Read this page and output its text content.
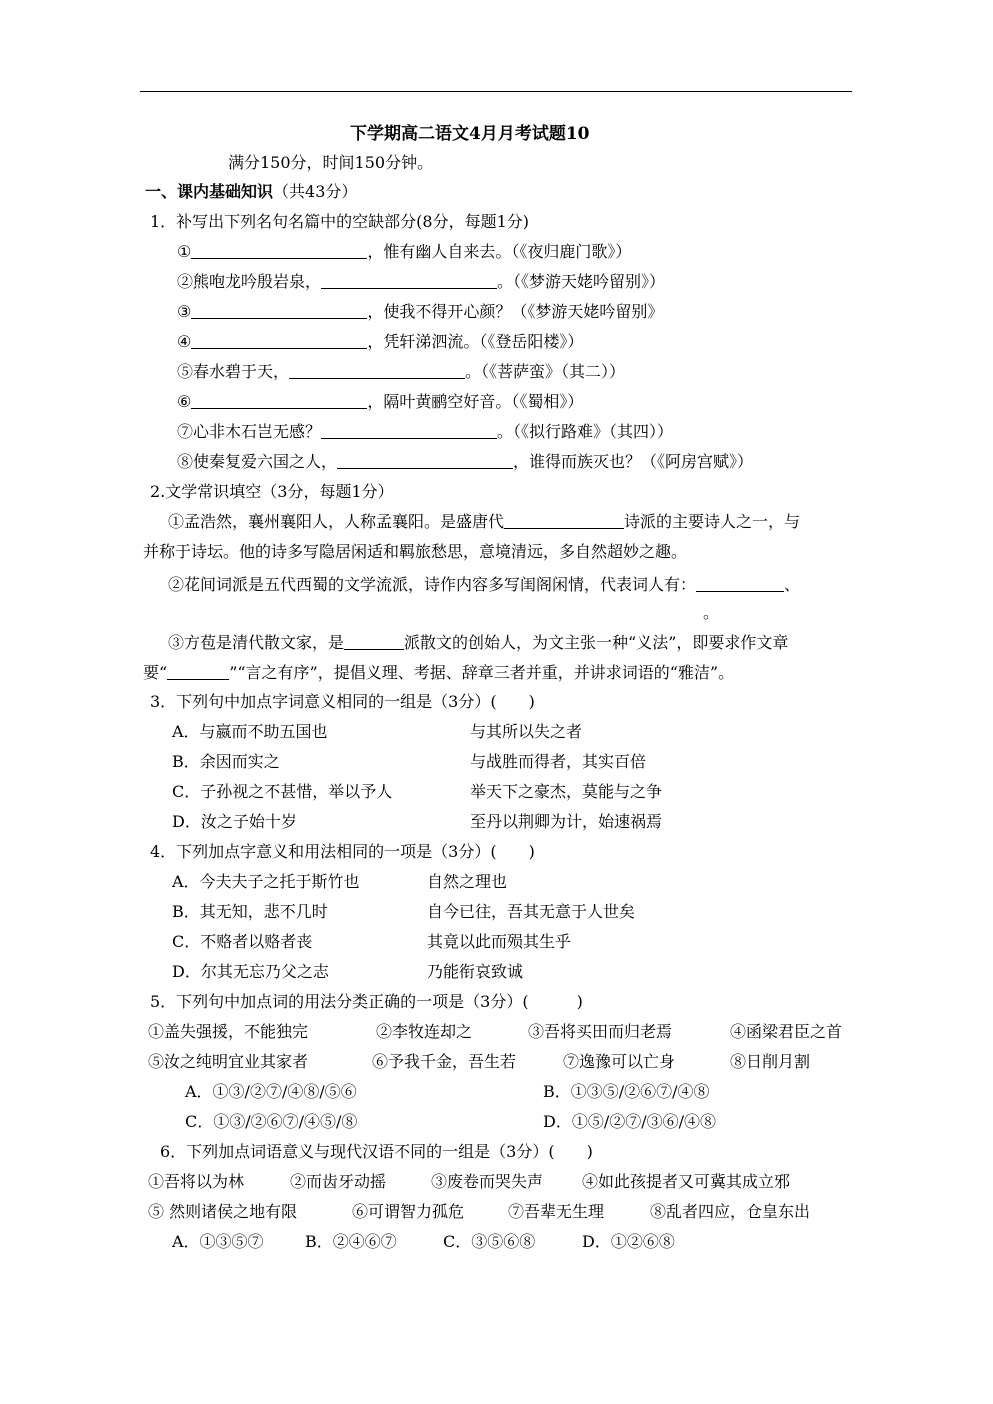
下学期高二语文4月月考试题10
满分150分，时间150分钟。
一、课内基础知识（共43分）
1．补写出下列名句名篇中的空缺部分(8分，每题1分)
①	，惟有幽人自来去。（《夜归鹿门歌》）
②熊咆龙吟殷岩泉，	。（《梦游天姥吟留别》）
③	，使我不得开心颜？（《梦游天姥吟留别》
④	，凭轩涕泗流。（《登岳阳楼》）
⑤春水碧于天，	。（《菩萨蛮》（其二））
⑥	，隔叶黄鹂空好音。（《蜀相》）
⑦心非木石岂无感？	。（《拟行路难》（其四））
⑧使秦复爱六国之人，	，谁得而族灭也？（《阿房宫赋》）
2.文学常识填空（3分，每题1分）
①孟浩然，襄州襄阳人，人称孟襄阳。是盛唐代	诗派的主要诗人之一，与
并称于诗坛。他的诗多写隐居闲适和羁旅愁思，意境清远，多自然超妙之趣。
②花间词派是五代西蜀的文学流派，诗作内容多写闺阁闲情，代表词人有：	、
。
③方苞是清代散文家，是	派散文的创始人，为文主张一种“义法”，即要求作文章
要“	”“言之有序”，提倡义理、考据、辞章三者并重，并讲求词语的“雅洁”。
3．下列句中加点字词意义相同的一组是（3分）(　　)
A．与嬴而不助五国也	与其所以失之者
B．余因而实之	与战胜而得者，其实百倍
C．子孙视之不甚惜，举以予人	举天下之豪杰，莫能与之争
D．汝之子始十岁	至丹以荆卿为计，始速祸焉
4．下列加点字意义和用法相同的一项是（3分）(　　)
A．今夫夫子之托于斯竹也	自然之理也
B．其无知，悲不几时	自今已往，吾其无意于人世矣
C．不赂者以赂者丧	其竟以此而殒其生乎
D．尔其无忘乃父之志	乃能衔哀致诚
5．下列句中加点词的用法分类正确的一项是（3分）(　　　)
①盖失强援，不能独完	②李牧连却之	③吾将买田而归老焉	④函梁君臣之首
⑤汝之纯明宜业其家者	⑥予我千金，吾生若	⑦逸豫可以亡身	⑧日削月割
A．①③/②⑦/④⑧/⑤⑥	B．①③⑤/②⑥⑦/④⑧
C．①③/②⑥⑦/④⑤/⑧	D．①⑤/②⑦/③⑥/④⑧
6．下列加点词语意义与现代汉语不同的一组是（3分）(　　)
①吾将以为林	②而齿牙动摇	③废卷而哭失声 ④如此孩提者又可冀其成立邪
⑤ 然则诸侯之地有限	⑥可谓智力孤危	⑦吾辈无生理	⑧乱者四应，仓皇东出
A．①③⑤⑦	B．②④⑥⑦	C．③⑤⑥⑧	D．①②⑥⑧
